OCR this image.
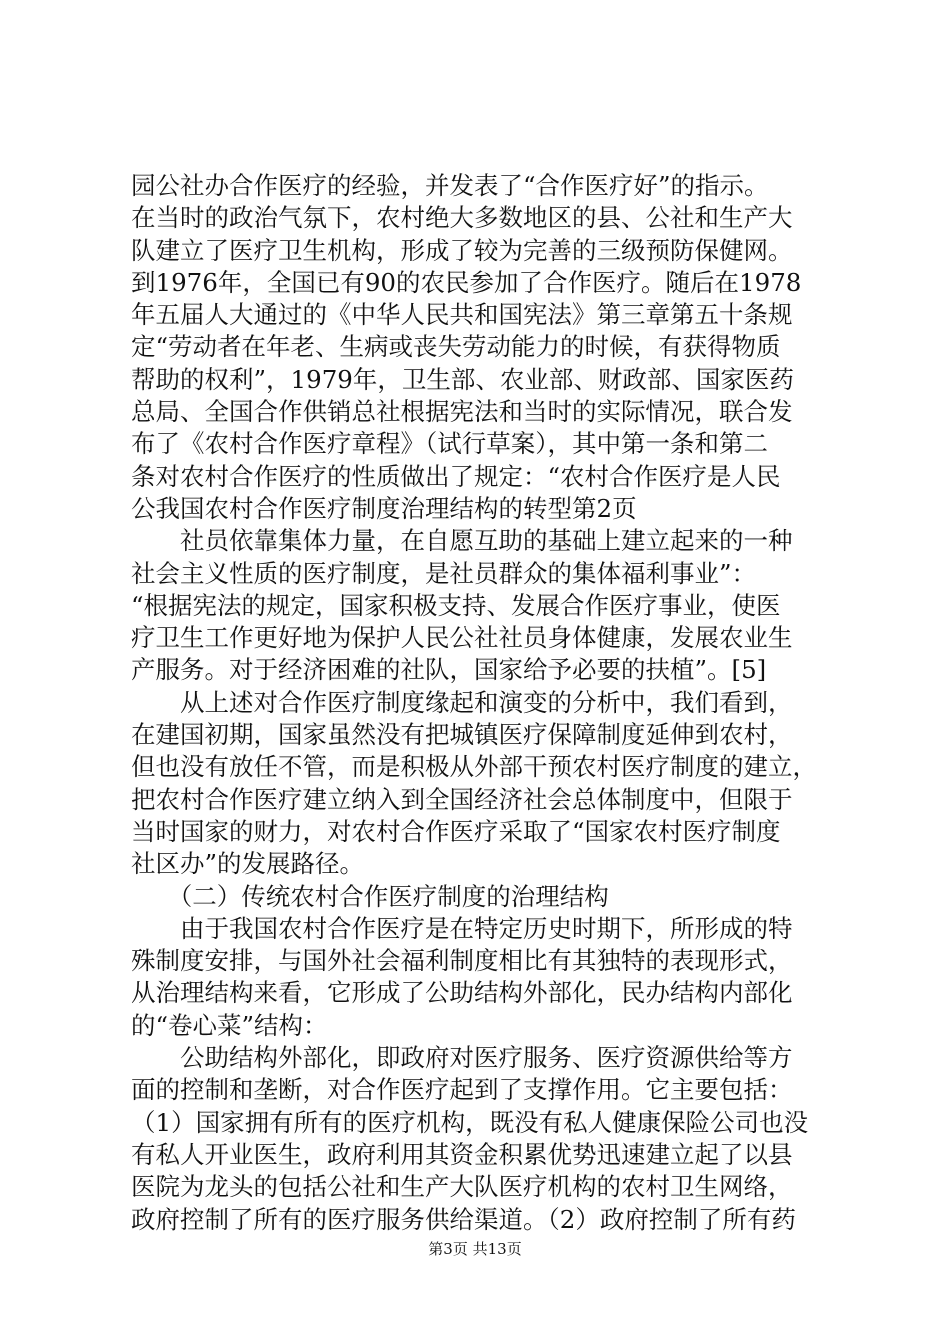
园公社办合作医疗的经验，并发表了“合作医疗好”的指示。
在当时的政治气氛下，农村绝大多数地区的县、公社和生产大
队建立了医疗卫生机构，形成了较为完善的三级预防保健网。
到1976年，全国已有90的农民参加了合作医疗。随后在1978
年五届人大通过的《中华人民共和国宪法》第三章第五十条规
定“劳动者在年老、生病或丧失劳动能力的时候，有获得物质
帮助的权利”，1979年，卫生部、农业部、财政部、国家医药
总局、全国合作供销总社根据宪法和当时的实际情况，联合发
布了《农村合作医疗章程》（试行草案），其中第一条和第二
条对农村合作医疗的性质做出了规定：“农村合作医疗是人民
公我国农村合作医疗制度治理结构的转型第2页

　　社员依靠集体力量，在自愿互助的基础上建立起来的一种
社会主义性质的医疗制度，是社员群众的集体福利事业”：
“根据宪法的规定，国家积极支持、发展合作医疗事业，使医
疗卫生工作更好地为保护人民公社社员身体健康，发展农业生
产服务。对于经济困难的社队，国家给予必要的扶植”。[5]

　　从上述对合作医疗制度缘起和演变的分析中，我们看到，
在建国初期，国家虽然没有把城镇医疗保障制度延伸到农村，
但也没有放任不管，而是积极从外部干预农村医疗制度的建立，
把农村合作医疗建立纳入到全国经济社会总体制度中，但限于
当时国家的财力，对农村合作医疗采取了“国家农村医疗制度
社区办”的发展路径。

　　（二）传统农村合作医疗制度的治理结构

　　由于我国农村合作医疗是在特定历史时期下，所形成的特
殊制度安排，与国外社会福利制度相比有其独特的表现形式，
从治理结构来看，它形成了公助结构外部化，民办结构内部化
的“卷心菜”结构：

　　公助结构外部化，即政府对医疗服务、医疗资源供给等方
面的控制和垄断，对合作医疗起到了支撑作用。它主要包括：
（1）国家拥有所有的医疗机构，既没有私人健康保险公司也没
有私人开业医生，政府利用其资金积累优势迅速建立起了以县
医院为龙头的包括公社和生产大队医疗机构的农村卫生网络，
政府控制了所有的医疗服务供给渠道。（2）政府控制了所有药

第3页 共13页
